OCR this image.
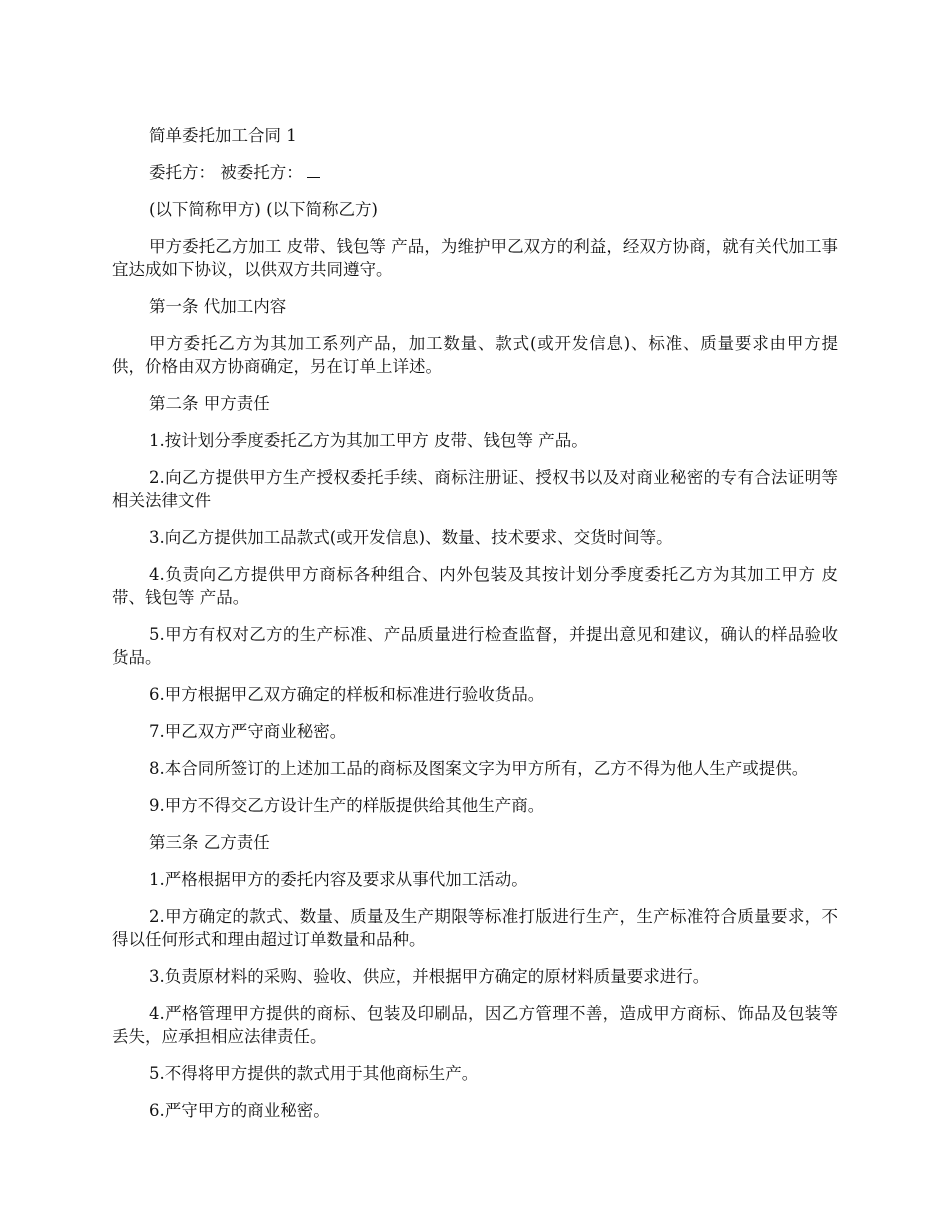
简单委托加工合同 1

委托方： 被委托方：

(以下简称甲方) (以下简称乙方)

甲方委托乙方加工 皮带、钱包等 产品，为维护甲乙双方的利益，经双方协商，就有关代加工事宜达成如下协议，以供双方共同遵守。

第一条 代加工内容

甲方委托乙方为其加工系列产品，加工数量、款式(或开发信息)、标准、质量要求由甲方提供，价格由双方协商确定，另在订单上详述。

第二条 甲方责任

1.按计划分季度委托乙方为其加工甲方 皮带、钱包等 产品。

2.向乙方提供甲方生产授权委托手续、商标注册证、授权书以及对商业秘密的专有合法证明等相关法律文件

3.向乙方提供加工品款式(或开发信息)、数量、技术要求、交货时间等。

4.负责向乙方提供甲方商标各种组合、内外包装及其按计划分季度委托乙方为其加工甲方 皮带、钱包等 产品。

5.甲方有权对乙方的生产标准、产品质量进行检查监督，并提出意见和建议，确认的样品验收货品。

6.甲方根据甲乙双方确定的样板和标准进行验收货品。

7.甲乙双方严守商业秘密。

8.本合同所签订的上述加工品的商标及图案文字为甲方所有，乙方不得为他人生产或提供。

9.甲方不得交乙方设计生产的样版提供给其他生产商。

第三条 乙方责任

1.严格根据甲方的委托内容及要求从事代加工活动。

2.甲方确定的款式、数量、质量及生产期限等标准打版进行生产，生产标准符合质量要求，不得以任何形式和理由超过订单数量和品种。

3.负责原材料的采购、验收、供应，并根据甲方确定的原材料质量要求进行。

4.严格管理甲方提供的商标、包装及印刷品，因乙方管理不善，造成甲方商标、饰品及包装等丢失，应承担相应法律责任。

5.不得将甲方提供的款式用于其他商标生产。

6.严守甲方的商业秘密。
